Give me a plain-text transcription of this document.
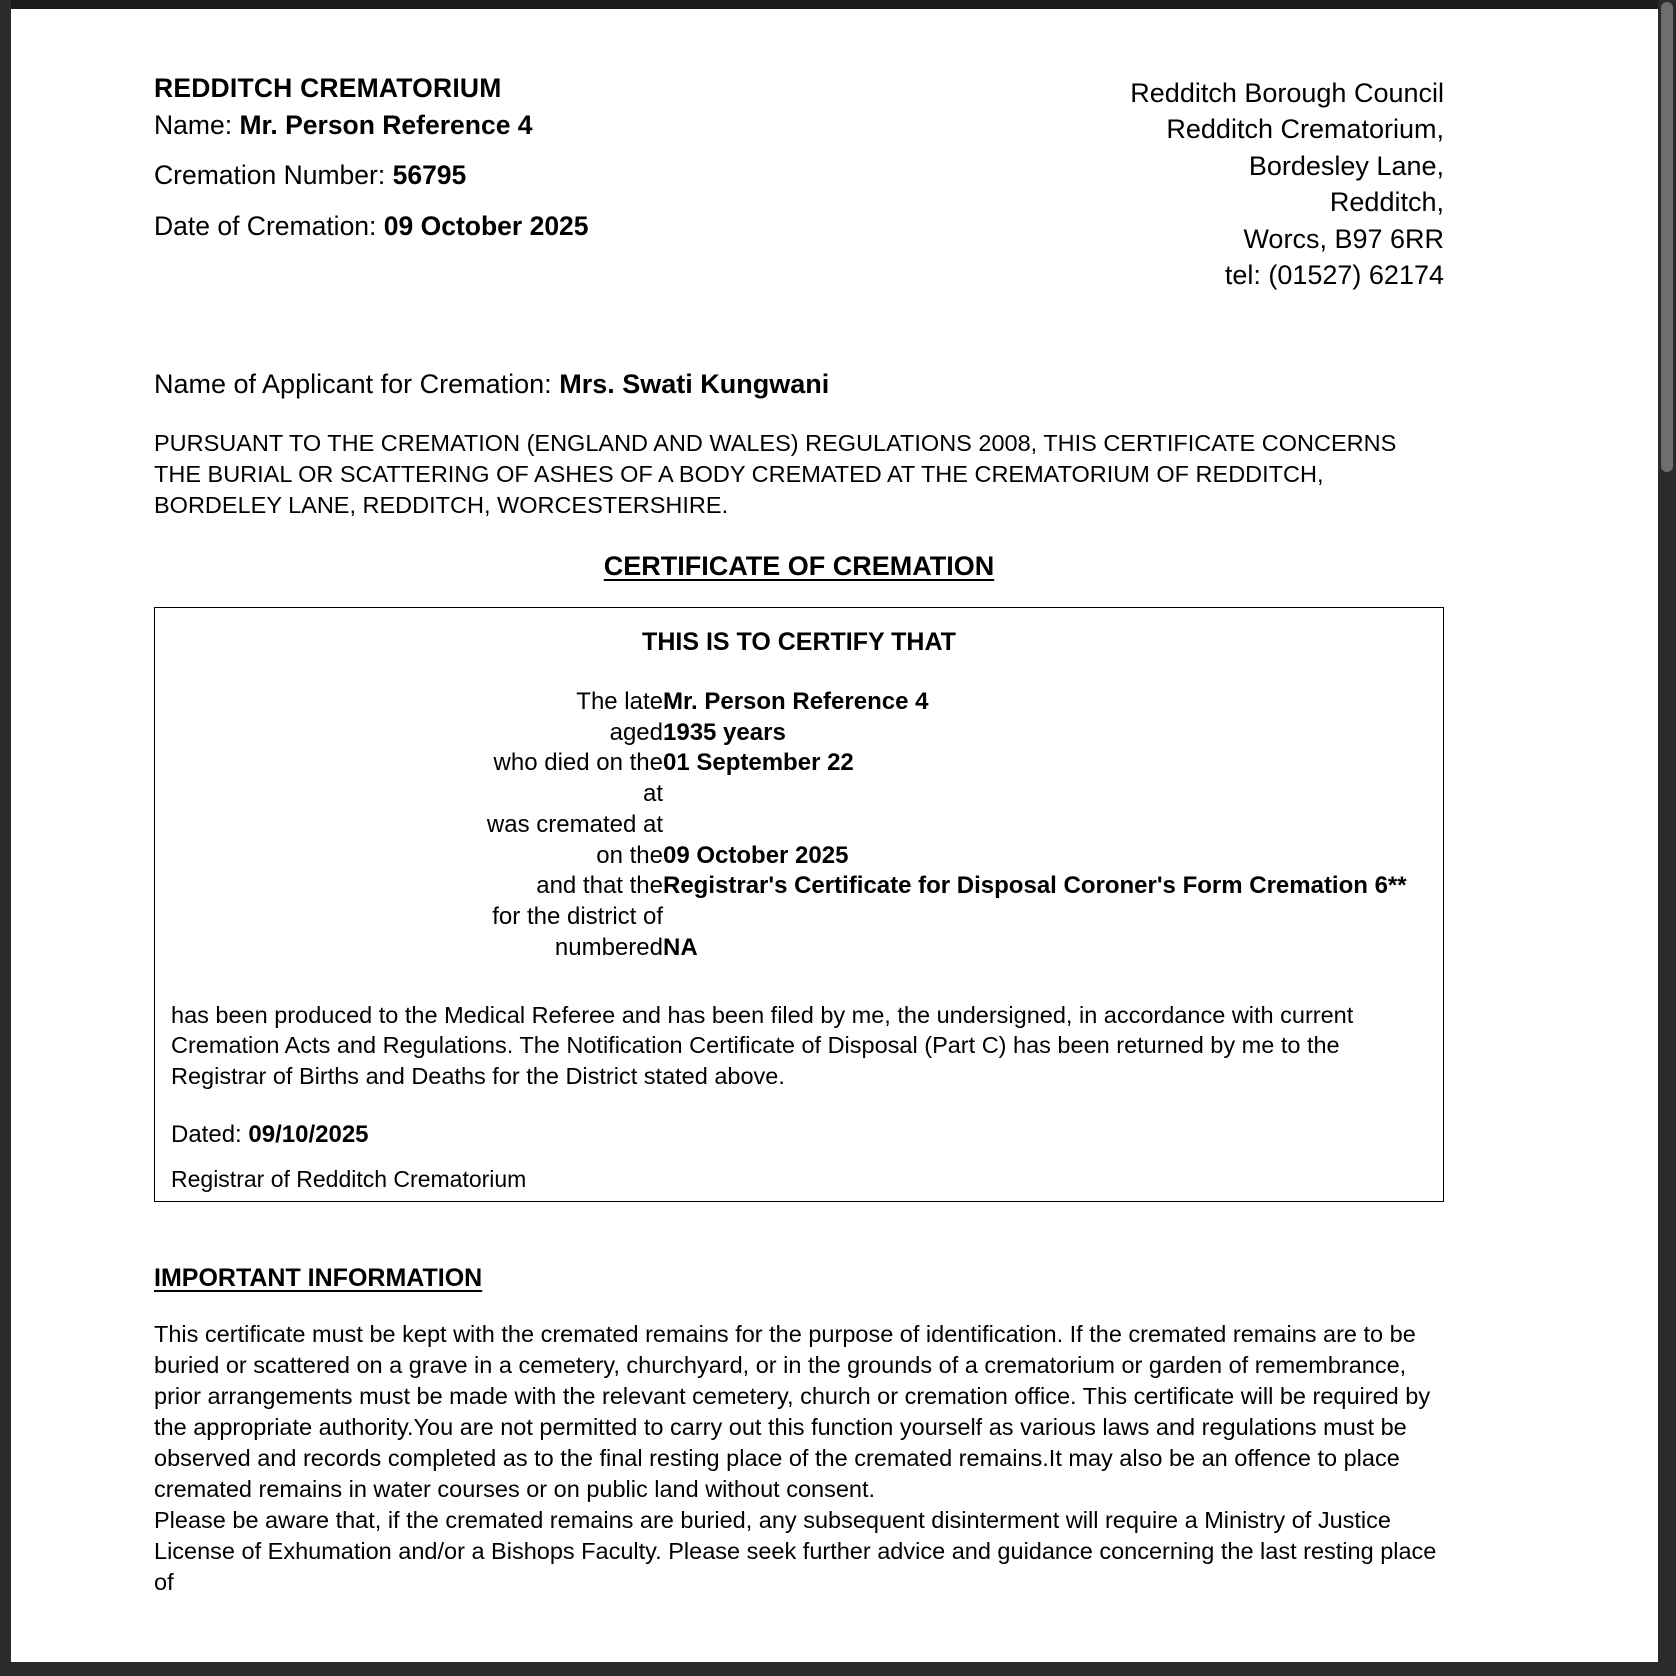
REDDITCH CREMATORIUM
Name: Mr. Person Reference 4
Cremation Number: 56795
Date of Cremation: 09 October 2025
Redditch Borough Council
Redditch Crematorium,
Bordesley Lane,
Redditch,
Worcs, B97 6RR
tel: (01527) 62174
Name of Applicant for Cremation: Mrs. Swati Kungwani
PURSUANT TO THE CREMATION (ENGLAND AND WALES) REGULATIONS 2008, THIS CERTIFICATE CONCERNS THE BURIAL OR SCATTERING OF ASHES OF A BODY CREMATED AT THE CREMATORIUM OF REDDITCH, BORDELEY LANE, REDDITCH, WORCESTERSHIRE.
CERTIFICATE OF CREMATION
THIS IS TO CERTIFY THAT
The late	Mr. Person Reference 4
aged	1935 years
who died on the	01 September 22
at	
was cremated at	
on the	09 October 2025
and that the	Registrar's Certificate for Disposal Coroner's Form Cremation 6**
for the district of	
numbered	NA
has been produced to the Medical Referee and has been filed by me, the undersigned, in accordance with current Cremation Acts and Regulations. The Notification Certificate of Disposal (Part C) has been returned by me to the Registrar of Births and Deaths for the District stated above.
Dated: 09/10/2025
Registrar of Redditch Crematorium
IMPORTANT INFORMATION

This certificate must be kept with the cremated remains for the purpose of identification. If the cremated remains are to be buried or scattered on a grave in a cemetery, churchyard, or in the grounds of a crematorium or garden of remembrance, prior arrangements must be made with the relevant cemetery, church or cremation office. This certificate will be required by the appropriate authority.You are not permitted to carry out this function yourself as various laws and regulations must be observed and records completed as to the final resting place of the cremated remains.It may also be an offence to place cremated remains in water courses or on public land without consent.

Please be aware that, if the cremated remains are buried, any subsequent disinterment will require a Ministry of Justice License of Exhumation and/or a Bishops Faculty. Please seek further advice and guidance concerning the last resting place of
